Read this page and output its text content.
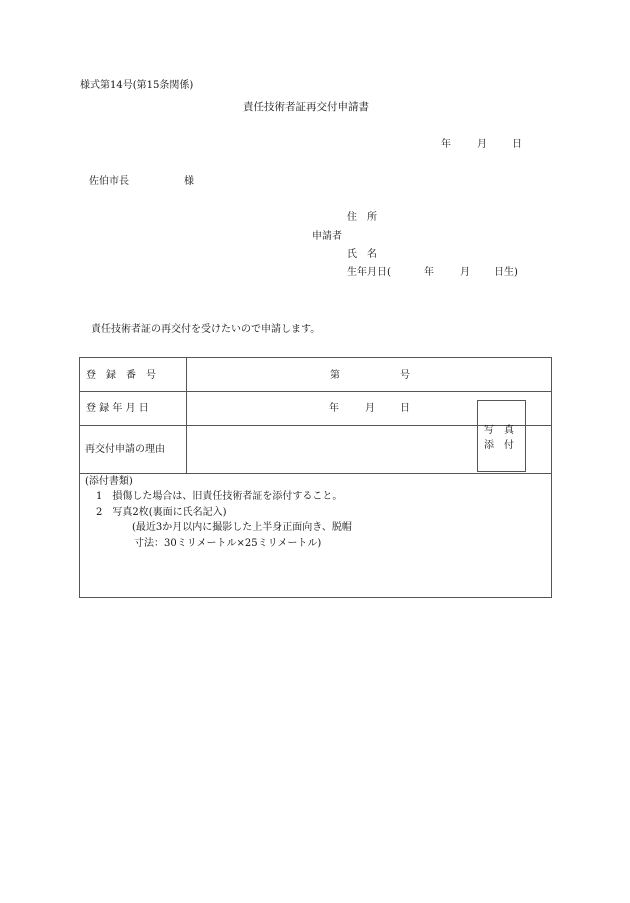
様式第14号(第15条関係)
責任技術者証再交付申請書
年	月	日
佐伯市長	様
住　所
申請者
氏　名
生年月日(	年	月 日生)
責任技術者証の再交付を受けたいので申請します。
登　録　番　号	第	号
登 録 年 月 日	年	月	日
再交付申請の理由
(添付書類)
1　損傷した場合は、旧責任技術者証を添付すること。
2　写真2枚(裏面に氏名記入)
(最近3か月以内に撮影した上半身正面向き、脱帽
寸法：30ミリメートル×25ミリメートル)
写　真
添　付
